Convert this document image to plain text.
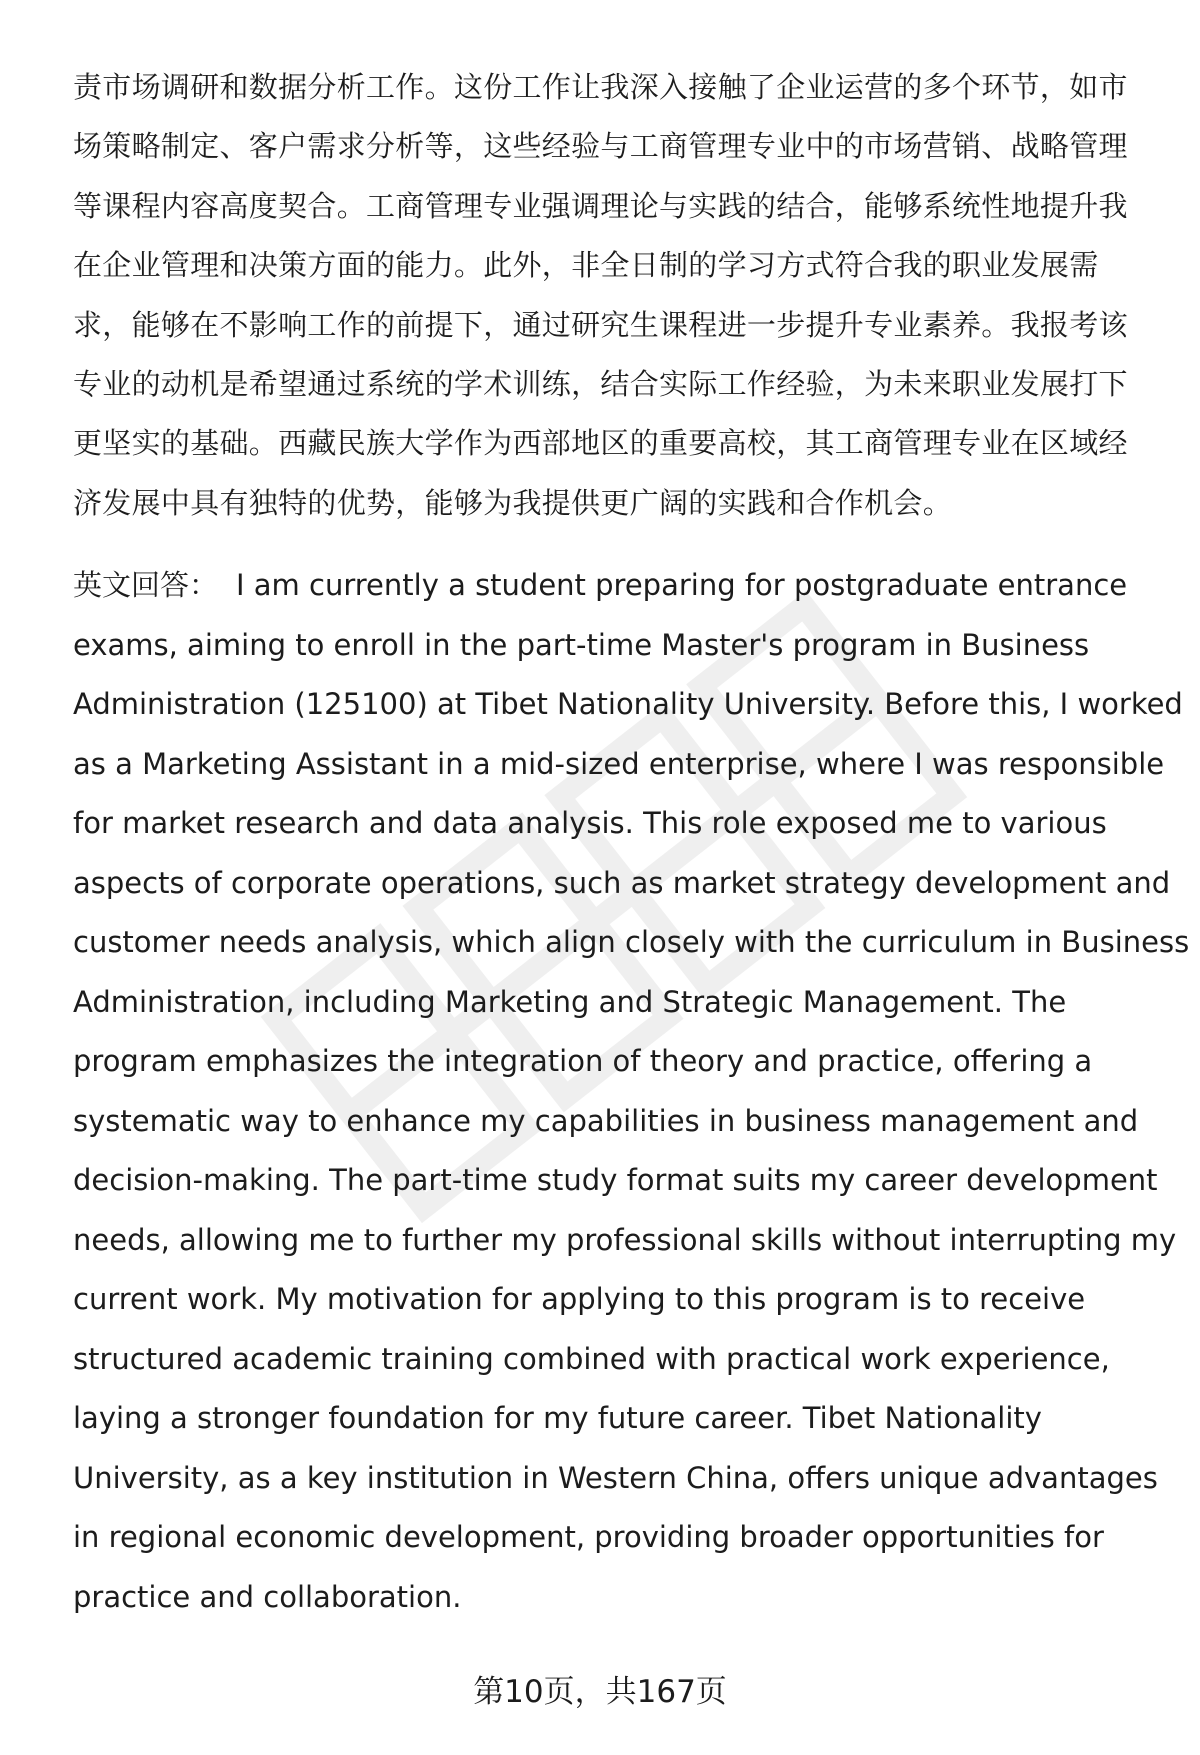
责市场调研和数据分析工作。这份工作让我深入接触了企业运营的多个环节，如市
场策略制定、客户需求分析等，这些经验与工商管理专业中的市场营销、战略管理
等课程内容高度契合。工商管理专业强调理论与实践的结合，能够系统性地提升我
在企业管理和决策方面的能力。此外，非全日制的学习方式符合我的职业发展需
求，能够在不影响工作的前提下，通过研究生课程进一步提升专业素养。我报考该
专业的动机是希望通过系统的学术训练，结合实际工作经验，为未来职业发展打下
更坚实的基础。西藏民族大学作为西部地区的重要高校，其工商管理专业在区域经
济发展中具有独特的优势，能够为我提供更广阔的实践和合作机会。
英文回答： I am currently a student preparing for postgraduate entrance
exams, aiming to enroll in the part-time Master's program in Business
Administration (125100) at Tibet Nationality University. Before this, I worked
as a Marketing Assistant in a mid-sized enterprise, where I was responsible
for market research and data analysis. This role exposed me to various
aspects of corporate operations, such as market strategy development and
customer needs analysis, which align closely with the curriculum in Business
Administration, including Marketing and Strategic Management. The
program emphasizes the integration of theory and practice, offering a
systematic way to enhance my capabilities in business management and
decision-making. The part-time study format suits my career development
needs, allowing me to further my professional skills without interrupting my
current work. My motivation for applying to this program is to receive
structured academic training combined with practical work experience,
laying a stronger foundation for my future career. Tibet Nationality
University, as a key institution in Western China, offers unique advantages
in regional economic development, providing broader opportunities for
practice and collaboration.
第10页，共167页
